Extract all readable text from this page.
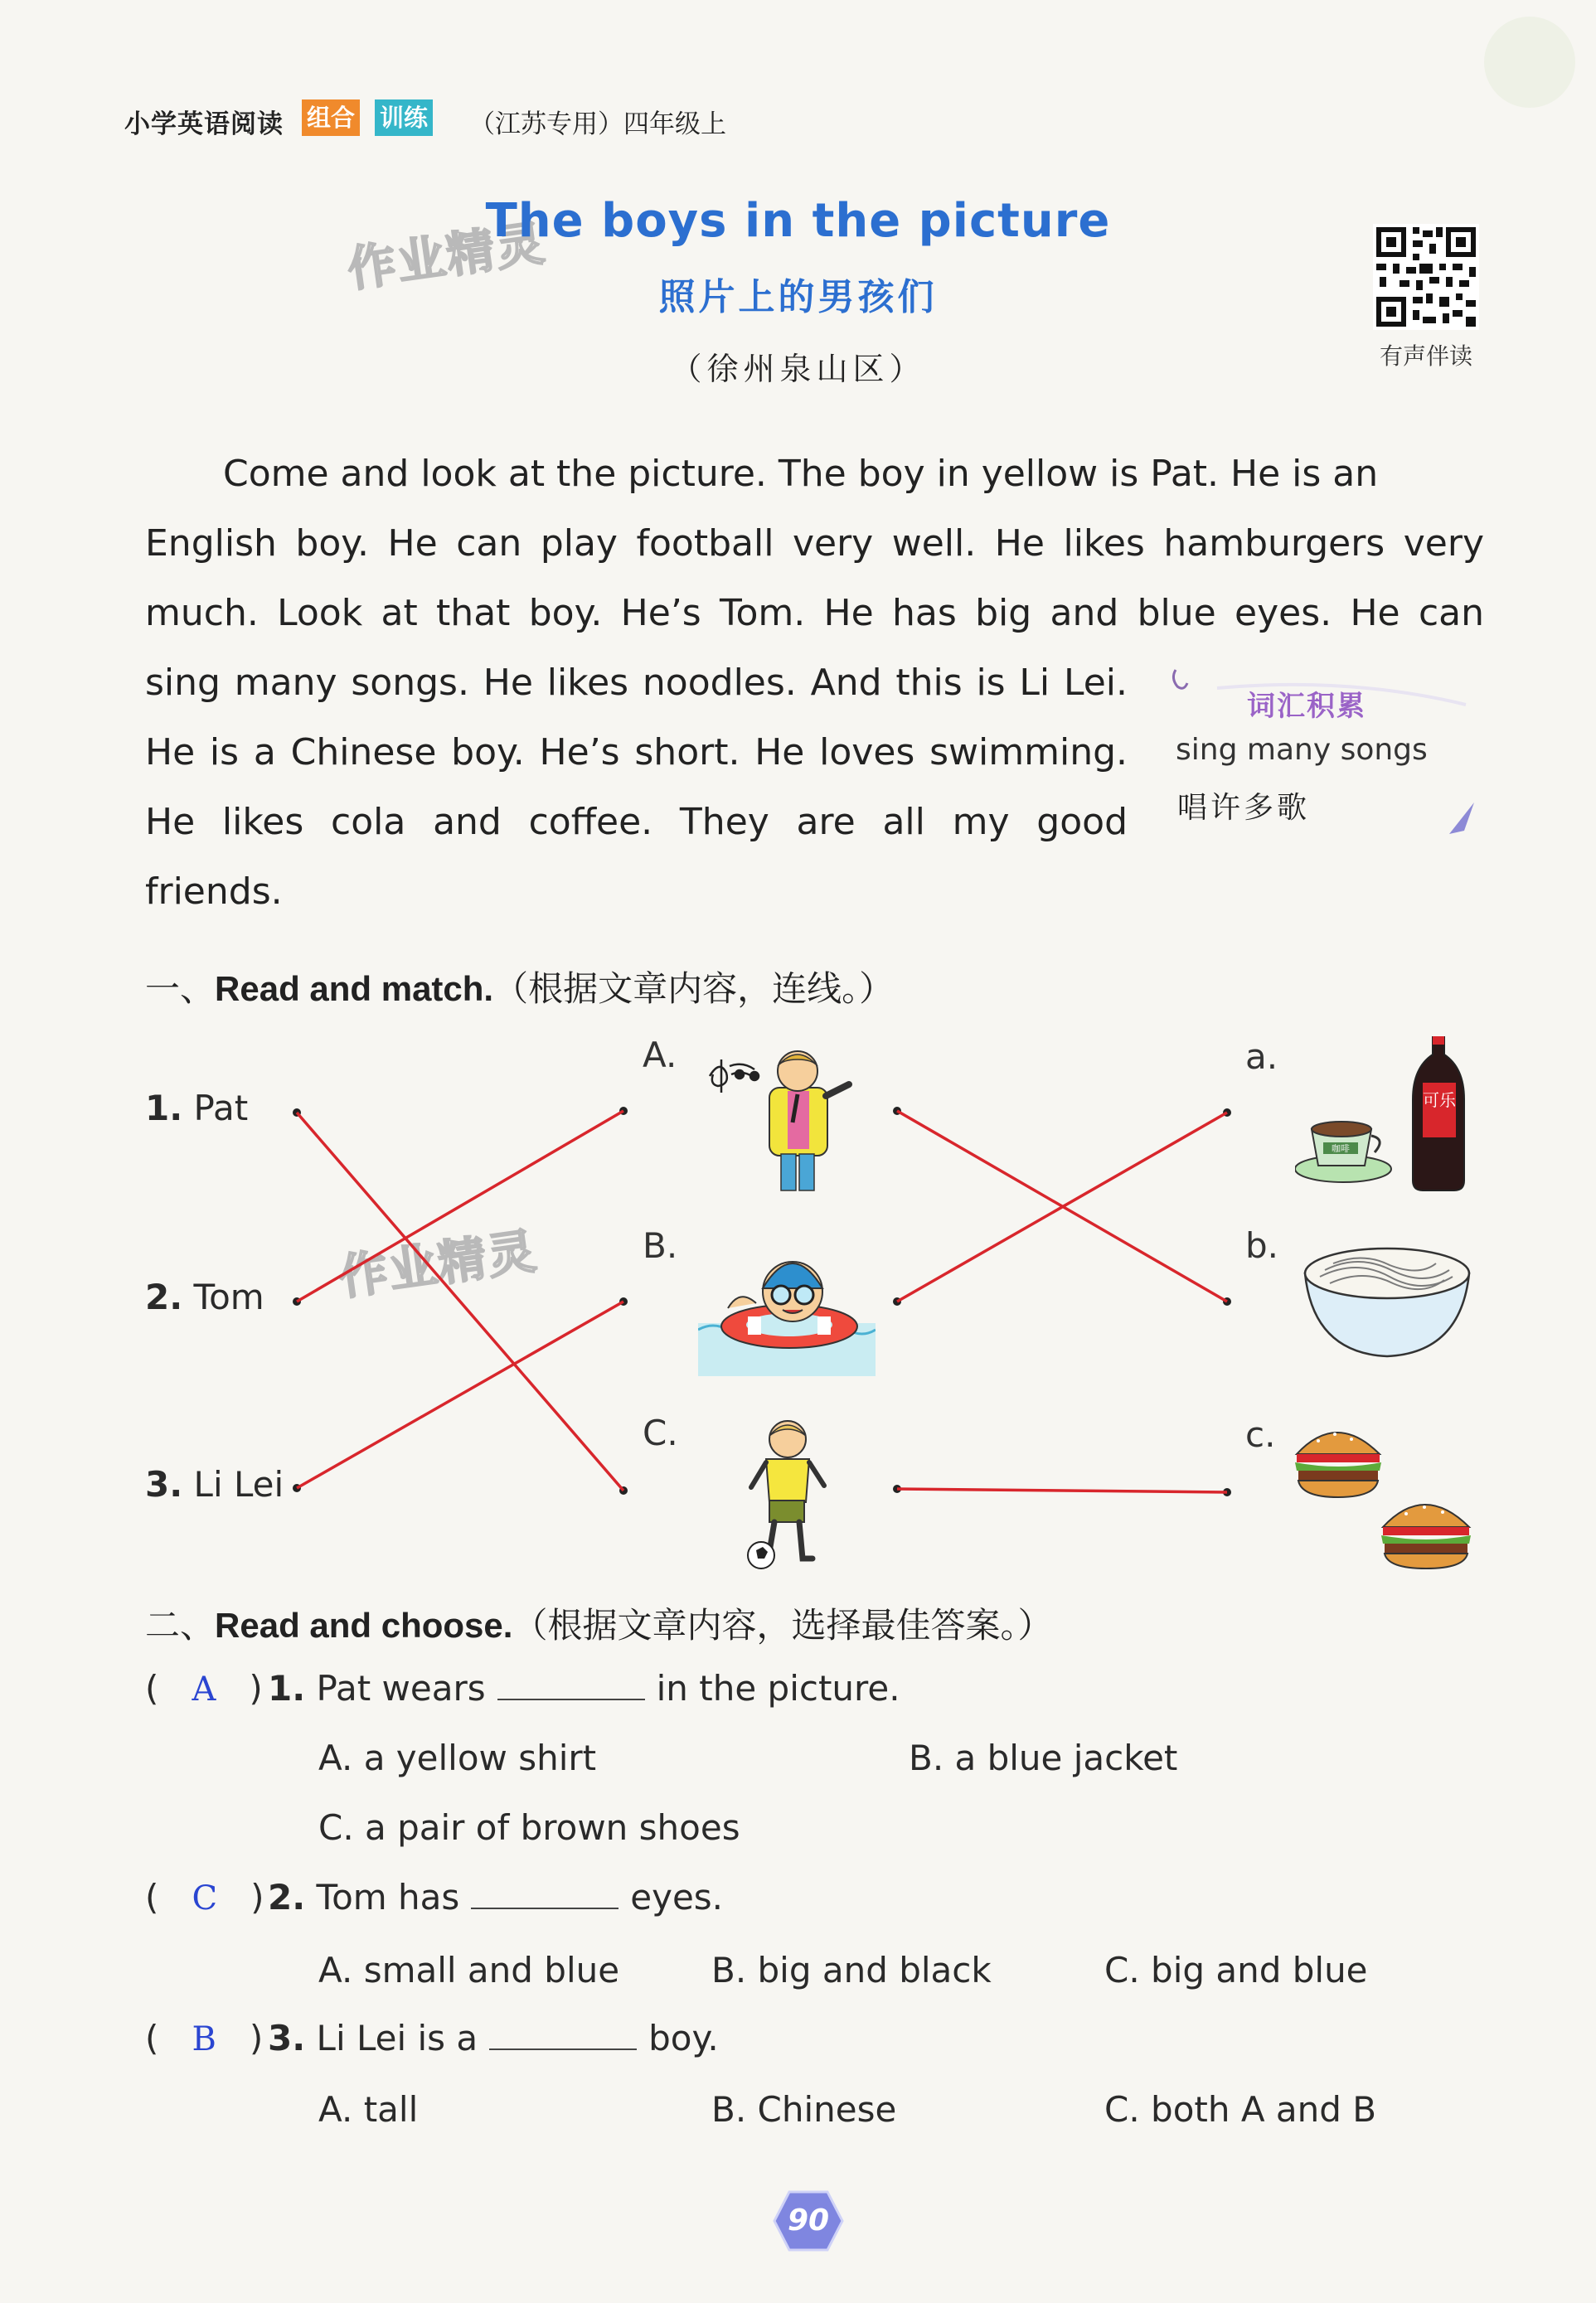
小学英语阅读 组合 训练 （江苏专用）四年级上
作业精灵
The boys in the picture
照片上的男孩们
（徐州泉山区）	有声伴读
Come and look at the picture. The boy in yellow is Pat. He is an
English boy. He can play football very well. He likes hamburgers very
much. Look at that boy. He’s Tom. He has big and blue eyes. He can
sing many songs. He likes noodles. And this is Li Lei.
He is a Chinese boy. He’s short. He loves swimming.
He likes cola and coffee. They are all my good
friends.
词汇积累
sing many songs
唱许多歌
一、Read and match.（根据文章内容，连线。）
作业精灵
1. Pat
2. Tom
3. Li Lei
A.
B.
C.
a.
b.
c.
咖啡
可乐
二、Read and choose.（根据文章内容，选择最佳答案。）
(   A   ) 1. Pat wears	in the picture.
A. a yellow shirt	B. a blue jacket
C. a pair of brown shoes
(   C   ) 2. Tom has	eyes.
A. small and blue	B. big and black	C. big and blue
(   B   ) 3. Li Lei is a	boy.
A. tall	B. Chinese	C. both A and B
90
